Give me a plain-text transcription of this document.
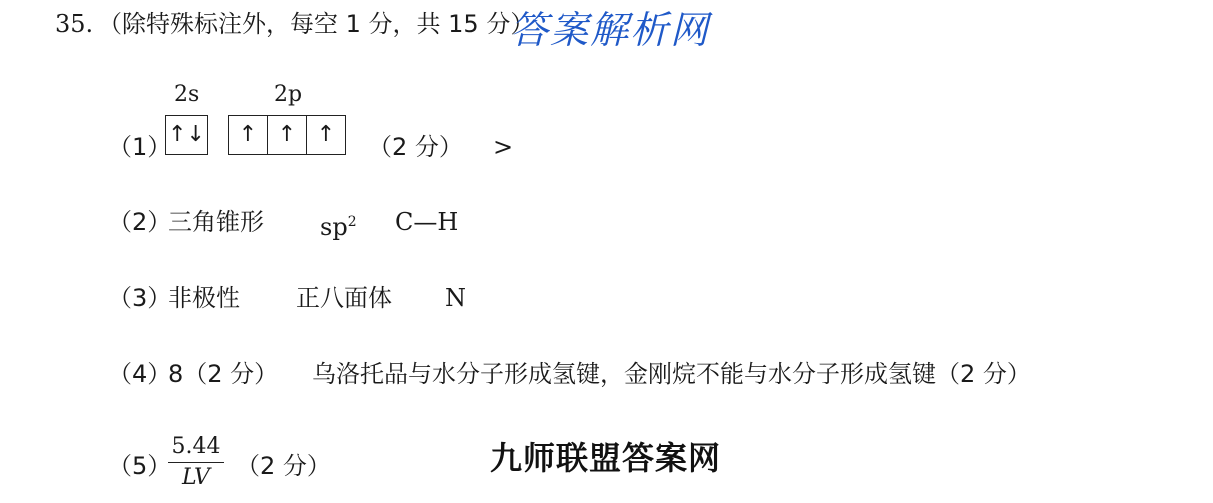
35. （除特殊标注外，每空 1 分，共 15 分）
答案解析网
2s	2p
↑↓	↑ ↑ ↑
（1）	（2 分） >
（2）
三角锥形 $sp^2$ C—H
（3）
非极性 正八面体 N
（4）
8（2 分） 乌洛托品与水分子形成氢键，金刚烷不能与水分子形成氢键（2 分）
（5）
5.44
LV （2 分）	九师联盟答案网
